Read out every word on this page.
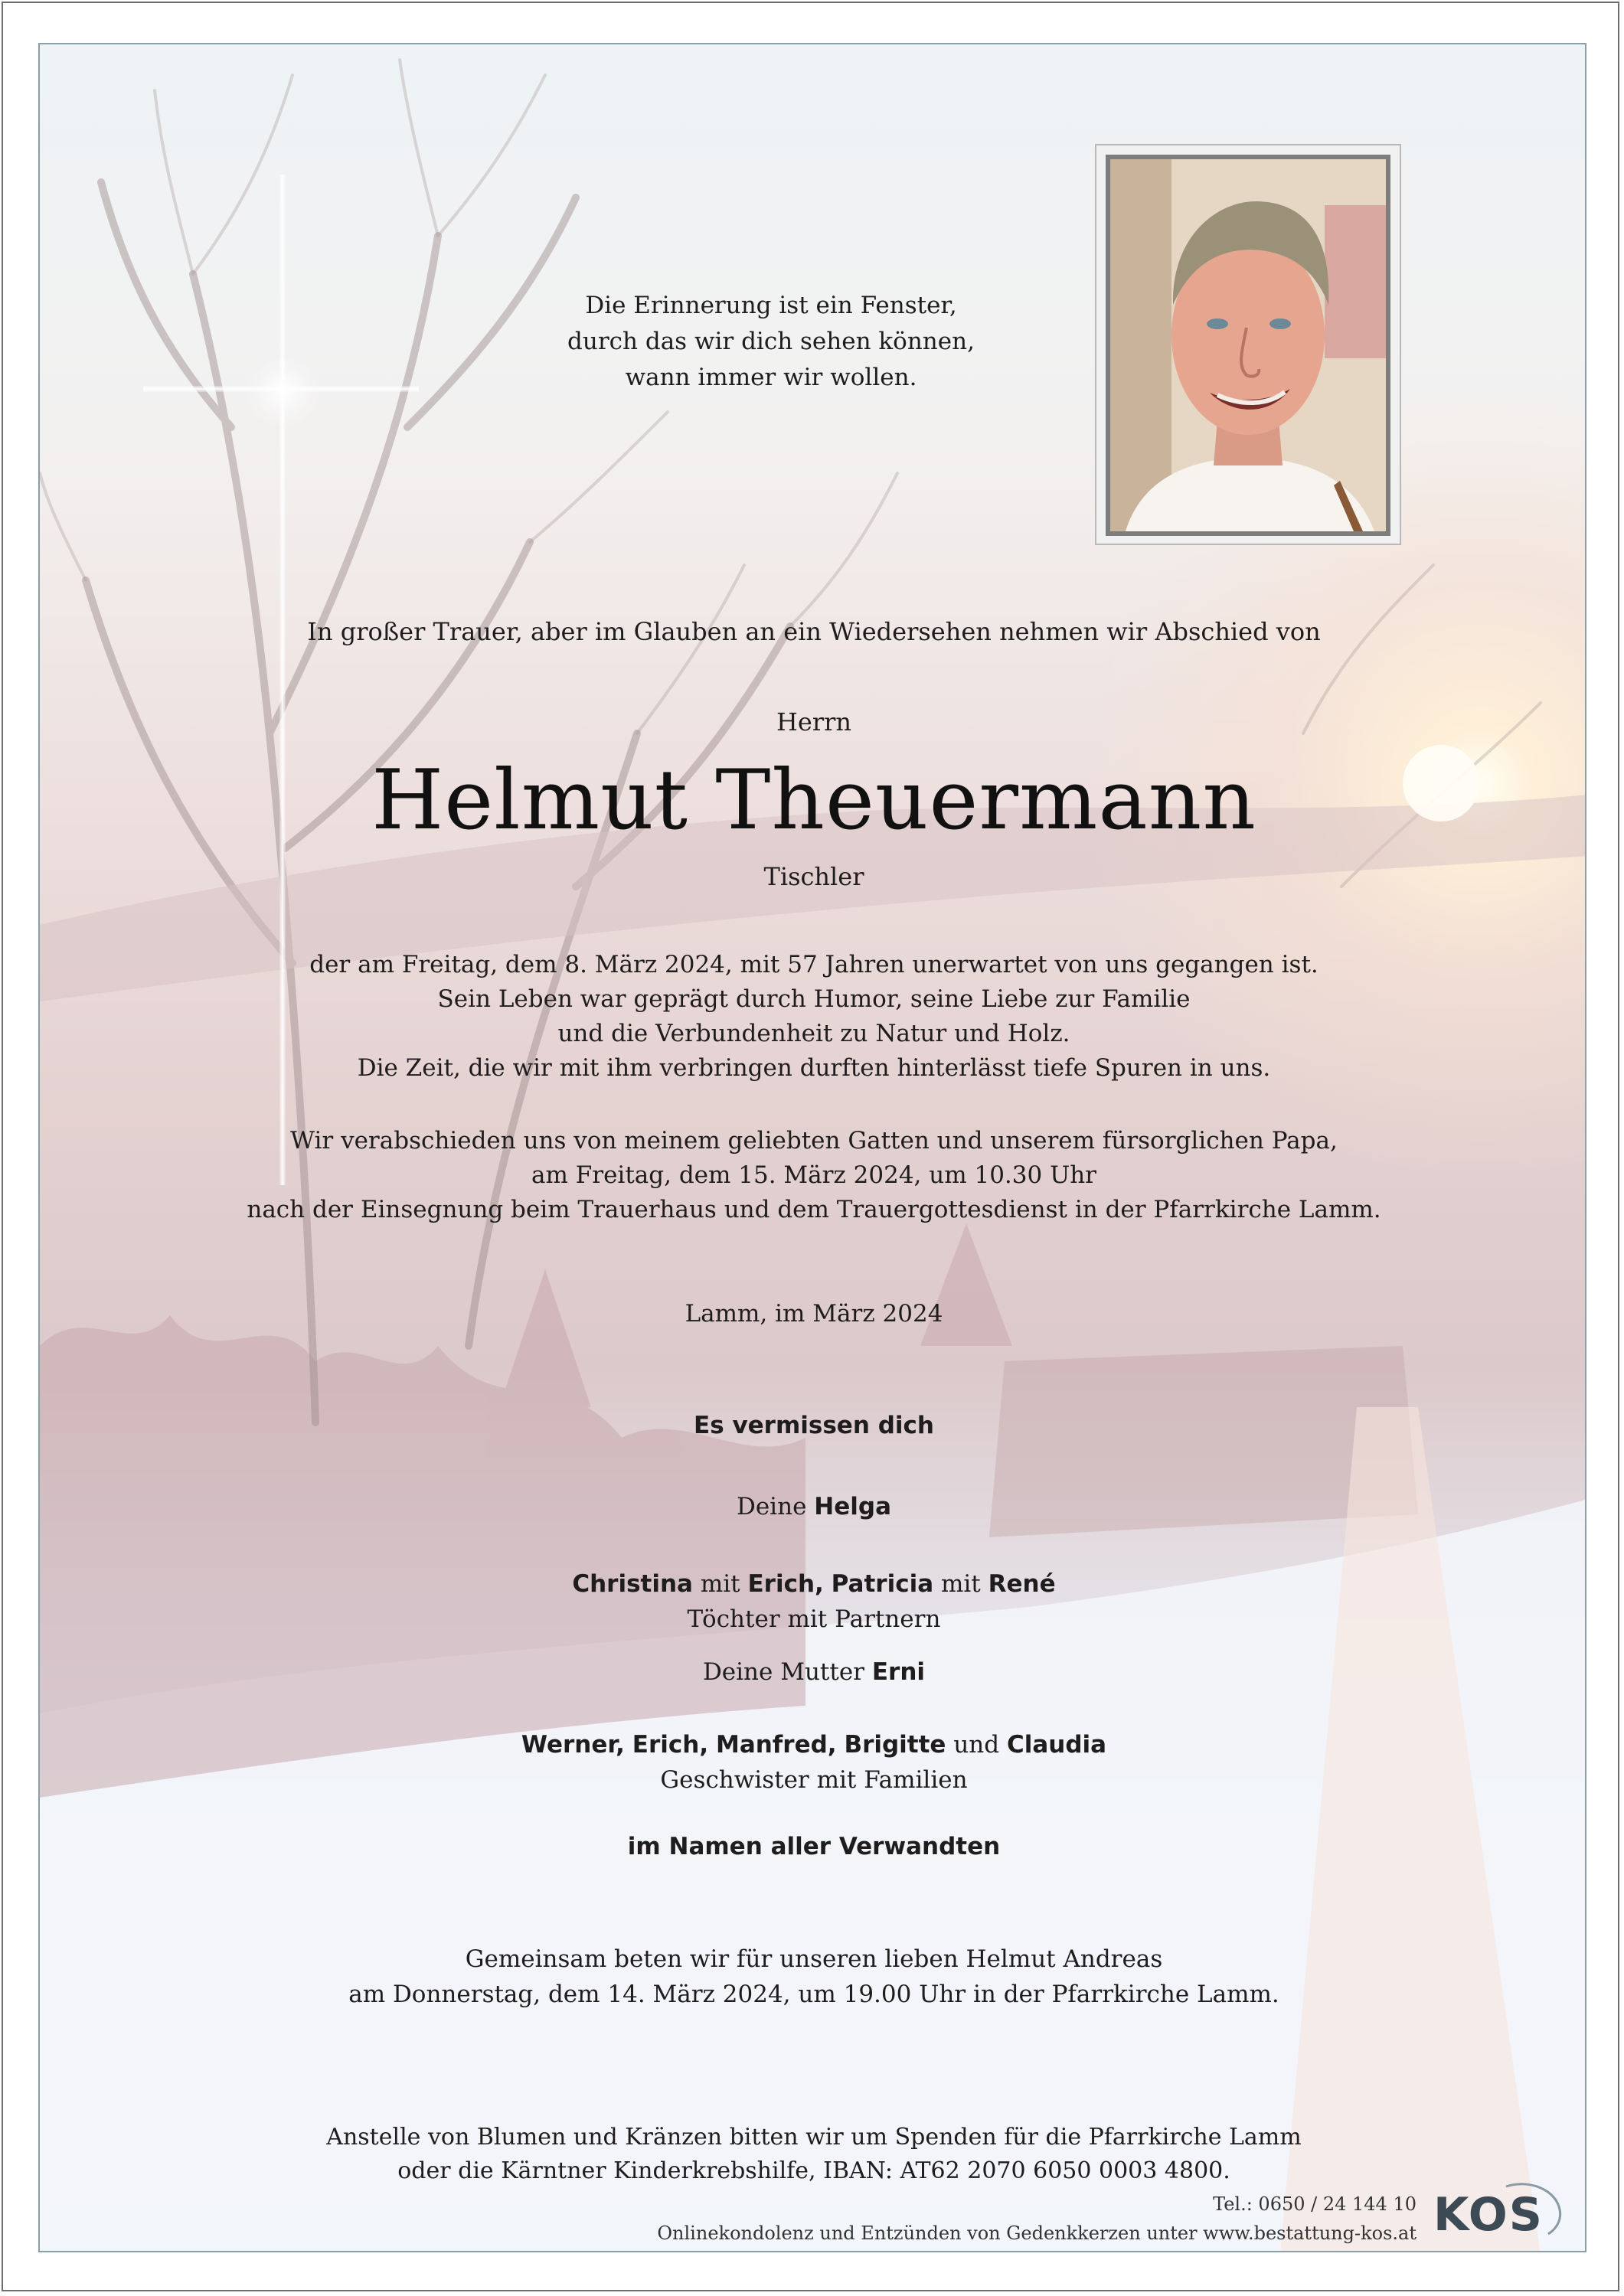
Die Erinnerung ist ein Fenster,
durch das wir dich sehen können,
wann immer wir wollen.
In großer Trauer, aber im Glauben an ein Wiedersehen nehmen wir Abschied von
Herrn
Helmut Theuermann
Tischler
der am Freitag, dem 8. März 2024, mit 57 Jahren unerwartet von uns gegangen ist.
Sein Leben war geprägt durch Humor, seine Liebe zur Familie
und die Verbundenheit zu Natur und Holz.
Die Zeit, die wir mit ihm verbringen durften hinterlässt tiefe Spuren in uns.
Wir verabschieden uns von meinem geliebten Gatten und unserem fürsorglichen Papa,
am Freitag, dem 15. März 2024, um 10.30 Uhr
nach der Einsegnung beim Trauerhaus und dem Trauergottesdienst in der Pfarrkirche Lamm.
Lamm, im März 2024
Es vermissen dich
Deine Helga
Christina mit Erich, Patricia mit René
Töchter mit Partnern
Deine Mutter Erni
Werner, Erich, Manfred, Brigitte und Claudia
Geschwister mit Familien
im Namen aller Verwandten
Gemeinsam beten wir für unseren lieben Helmut Andreas
am Donnerstag, dem 14. März 2024, um 19.00 Uhr in der Pfarrkirche Lamm.
Anstelle von Blumen und Kränzen bitten wir um Spenden für die Pfarrkirche Lamm
oder die Kärntner Kinderkrebshilfe, IBAN: AT62 2070 6050 0003 4800.
Tel.: 0650 / 24 144 10
Onlinekondolenz und Entzünden von Gedenkkerzen unter www.bestattung-kos.at KOS
